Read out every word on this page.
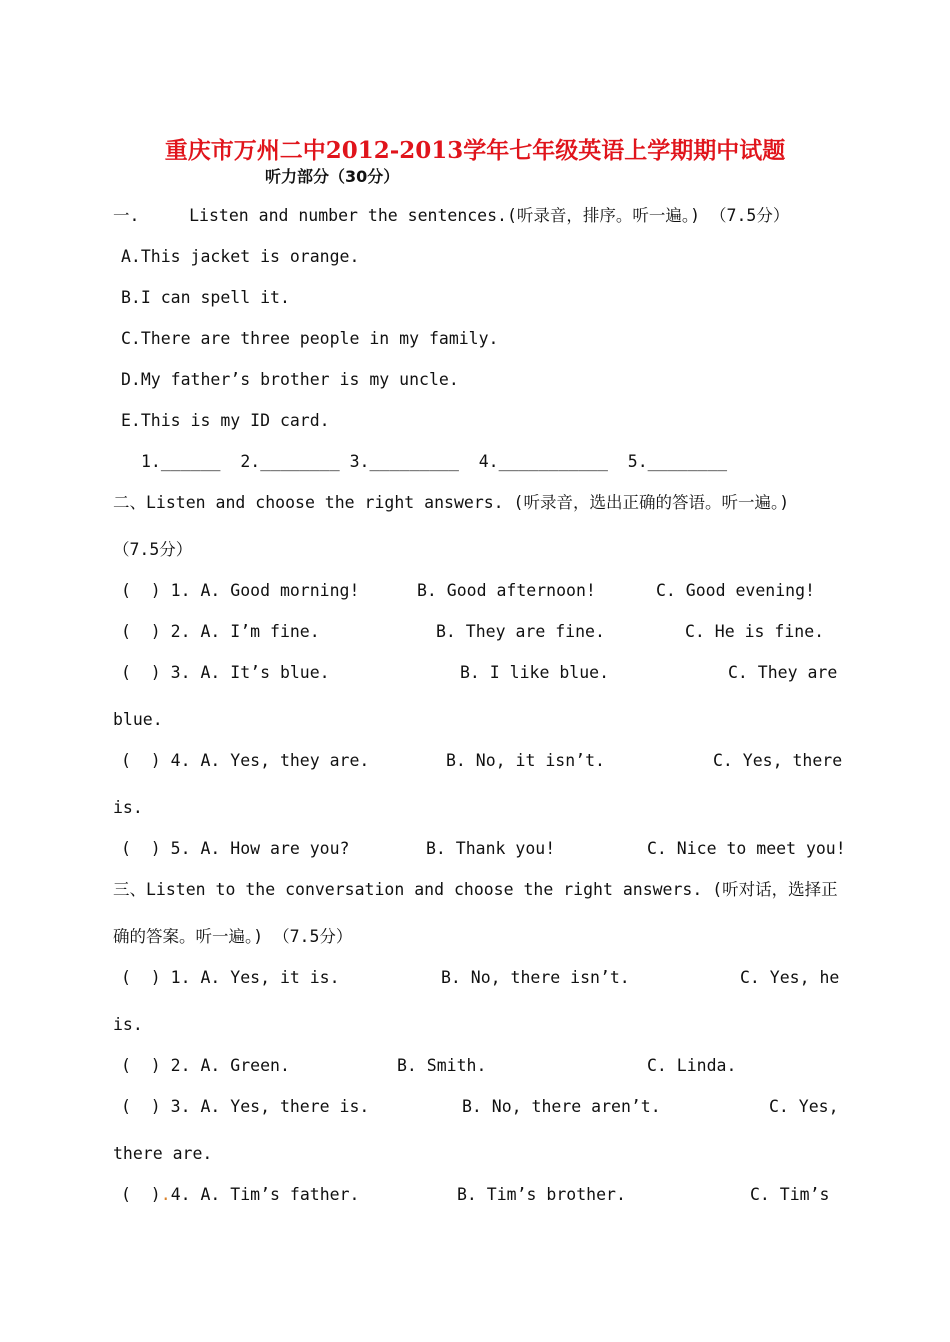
重庆市万州二中2012-2013学年七年级英语上学期期中试题
听力部分（30分）
一.     Listen and number the sentences.(听录音，排序。听一遍。) （7.5分）
A.This jacket is orange.
B.I can spell it.
C.There are three people in my family.
D.My father’s brother is my uncle.
E.This is my ID card.
1.______  2.________ 3._________  4.___________  5.________
二、Listen and choose the right answers. (听录音，选出正确的答语。听一遍。)
（7.5分）
(  ) 1. A. Good morning!	B. Good afternoon!	C. Good evening!
(  ) 2. A. I’m fine.	B. They are fine.	C. He is fine.
(  ) 3. A. It’s blue.	B. I like blue.	C. They are
blue.
(  ) 4. A. Yes, they are.	B. No, it isn’t.	C. Yes, there
is.
(  ) 5. A. How are you?	B. Thank you!	C. Nice to meet you!
三、Listen to the conversation and choose the right answers. (听对话，选择正
确的答案。听一遍。) （7.5分）
(  ) 1. A. Yes, it is.	B. No, there isn’t.	C. Yes, he
is.
(  ) 2. A. Green.	B. Smith.	C. Linda.
(  ) 3. A. Yes, there is.	B. No, there aren’t.	C. Yes,
there are.
(  ).4. A. Tim’s father.	B. Tim’s brother.	C. Tim’s
